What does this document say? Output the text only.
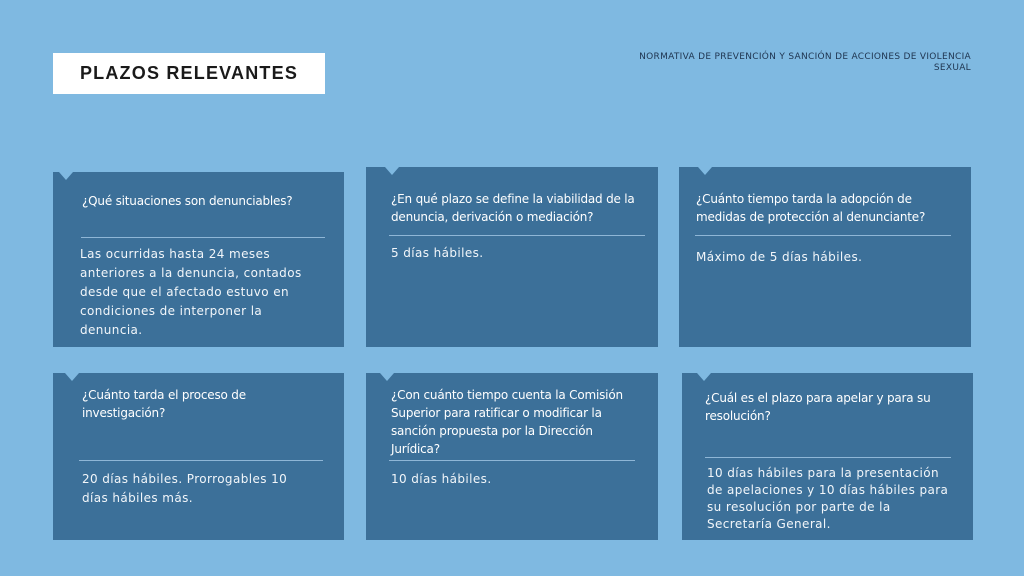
PLAZOS RELEVANTES
NORMATIVA DE PREVENCIÓN Y SANCIÓN DE ACCIONES DE VIOLENCIA SEXUAL
¿Qué situaciones son denunciables?
Las ocurridas hasta 24 meses anteriores a la denuncia, contados desde que el afectado estuvo en condiciones de interponer la denuncia.
¿En qué plazo se define la viabilidad de la denuncia, derivación o mediación?
5 días hábiles.
¿Cuánto tiempo tarda la adopción de medidas de protección al denunciante?
Máximo de 5 días hábiles.
¿Cuánto tarda el proceso de investigación?
20 días hábiles. Prorrogables 10 días hábiles más.
¿Con cuánto tiempo cuenta la Comisión Superior para ratificar o modificar la sanción propuesta por la Dirección Jurídica?
10 días hábiles.
¿Cuál es el plazo para apelar y para su resolución?
10 días hábiles para la presentación de apelaciones y 10 días hábiles para su resolución por parte de la Secretaría General.
